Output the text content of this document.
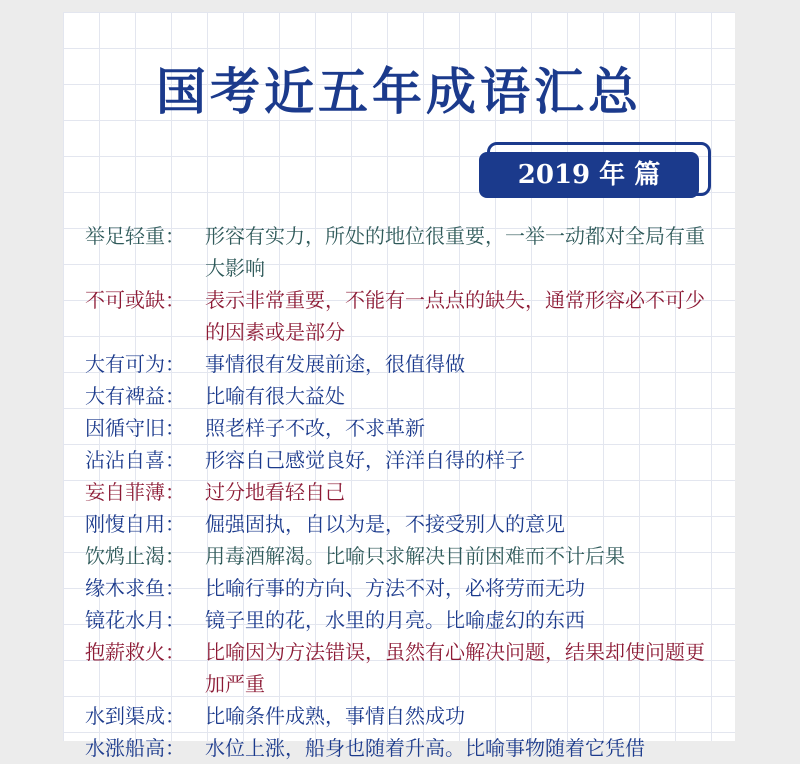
国考近五年成语汇总
2019 年 篇
举足轻重：	形容有实力，所处的地位很重要，一举一动都对全局有重大影响
不可或缺：	表示非常重要，不能有一点点的缺失，通常形容必不可少的因素或是部分
大有可为：	事情很有发展前途，很值得做
大有裨益：	比喻有很大益处
因循守旧：	照老样子不改，不求革新
沾沾自喜：	形容自己感觉良好，洋洋自得的样子
妄自菲薄：	过分地看轻自己
刚愎自用：	倔强固执，自以为是，不接受别人的意见
饮鸩止渴：	用毒酒解渴。比喻只求解决目前困难而不计后果
缘木求鱼：	比喻行事的方向、方法不对，必将劳而无功
镜花水月：	镜子里的花，水里的月亮。比喻虚幻的东西
抱薪救火：	比喻因为方法错误，虽然有心解决问题，结果却使问题更加严重
水到渠成：	比喻条件成熟，事情自然成功
水涨船高：	水位上涨，船身也随着升高。比喻事物随着它凭借
